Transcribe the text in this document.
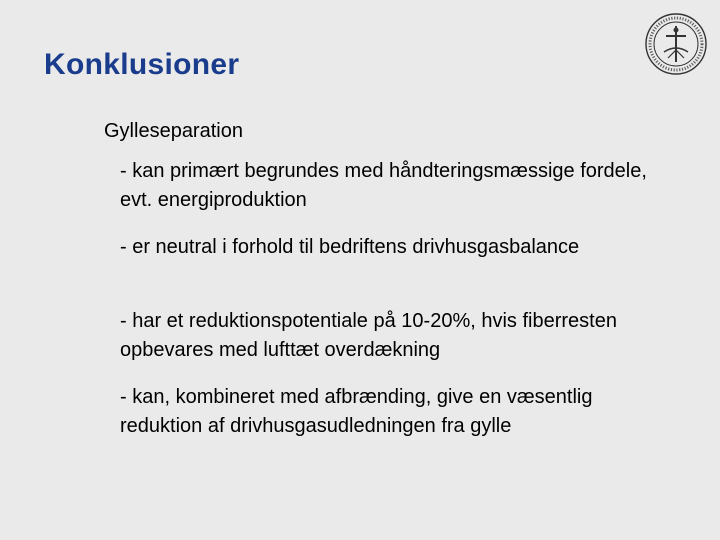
Konklusioner

Gylleseparation

- kan primært begrundes med håndteringsmæssige fordele, evt. energiproduktion

- er neutral i forhold til bedriftens drivhusgasbalance

- har et reduktionspotentiale på 10-20%, hvis fiberresten opbevares med lufttæt overdækning

- kan, kombineret med afbrænding, give en væsentlig reduktion af drivhusgasudledningen fra gylle
